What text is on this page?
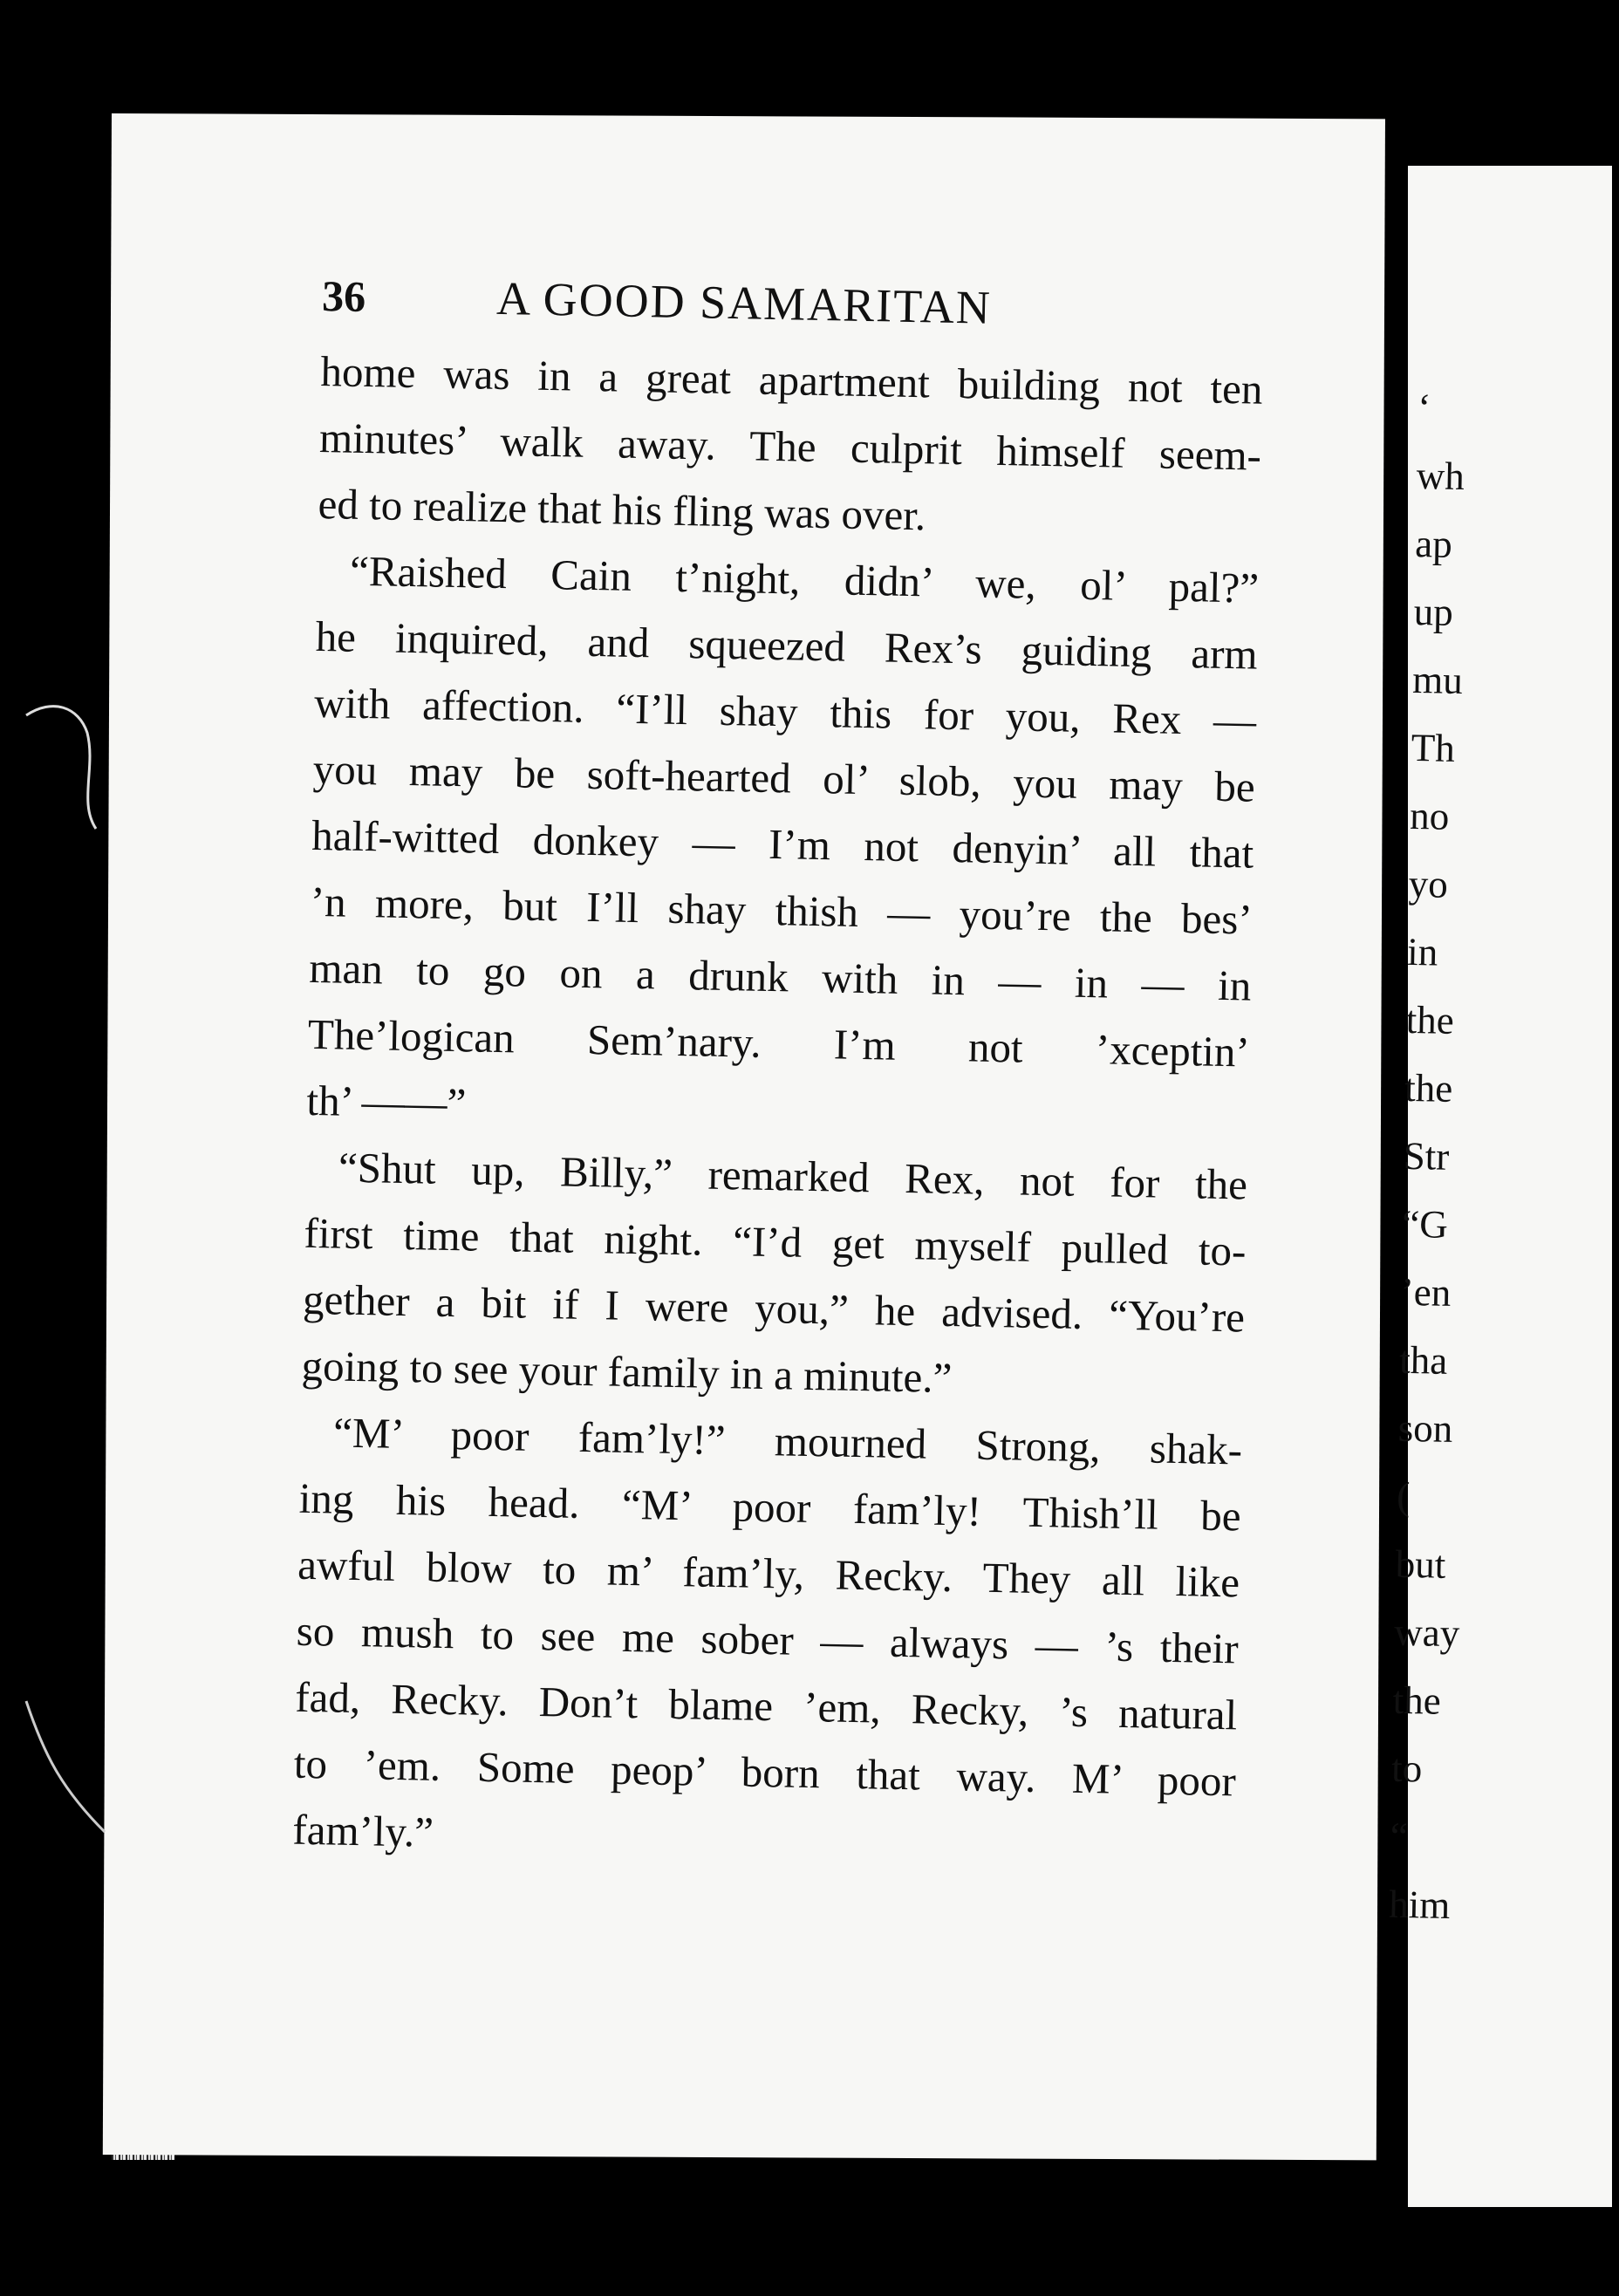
‘
wh
ap
up
mu
Th
no
yo
in
the
the
Str
“G
’en
tha
son
(
but
way
the
to
“
him
36	A GOOD SAMARITAN
home was in a great apartment building not ten
minutes’ walk away. The culprit himself seem-
ed to realize that his fling was over.
“Raished Cain t’night, didn’ we, ol’ pal?”
he inquired, and squeezed Rex’s guiding arm
with affection. “I’ll shay this for you, Rex —
you may be soft-hearted ol’ slob, you may be
half-witted donkey — I’m not denyin’ all that
’n more, but I’ll shay thish — you’re the bes’
man to go on a drunk with in — in — in
The’logican Sem’nary. I’m not ’xceptin’
th’ ——”
“Shut up, Billy,” remarked Rex, not for the
first time that night. “I’d get myself pulled to-
gether a bit if I were you,” he advised. “You’re
going to see your family in a minute.”
“M’ poor fam’ly!” mourned Strong, shak-
ing his head. “M’ poor fam’ly! Thish’ll be
awful blow to m’ fam’ly, Recky. They all like
so mush to see me sober — always — ’s their
fad, Recky. Don’t blame ’em, Recky, ’s natural
to ’em. Some peop’ born that way. M’ poor
fam’ly.”
